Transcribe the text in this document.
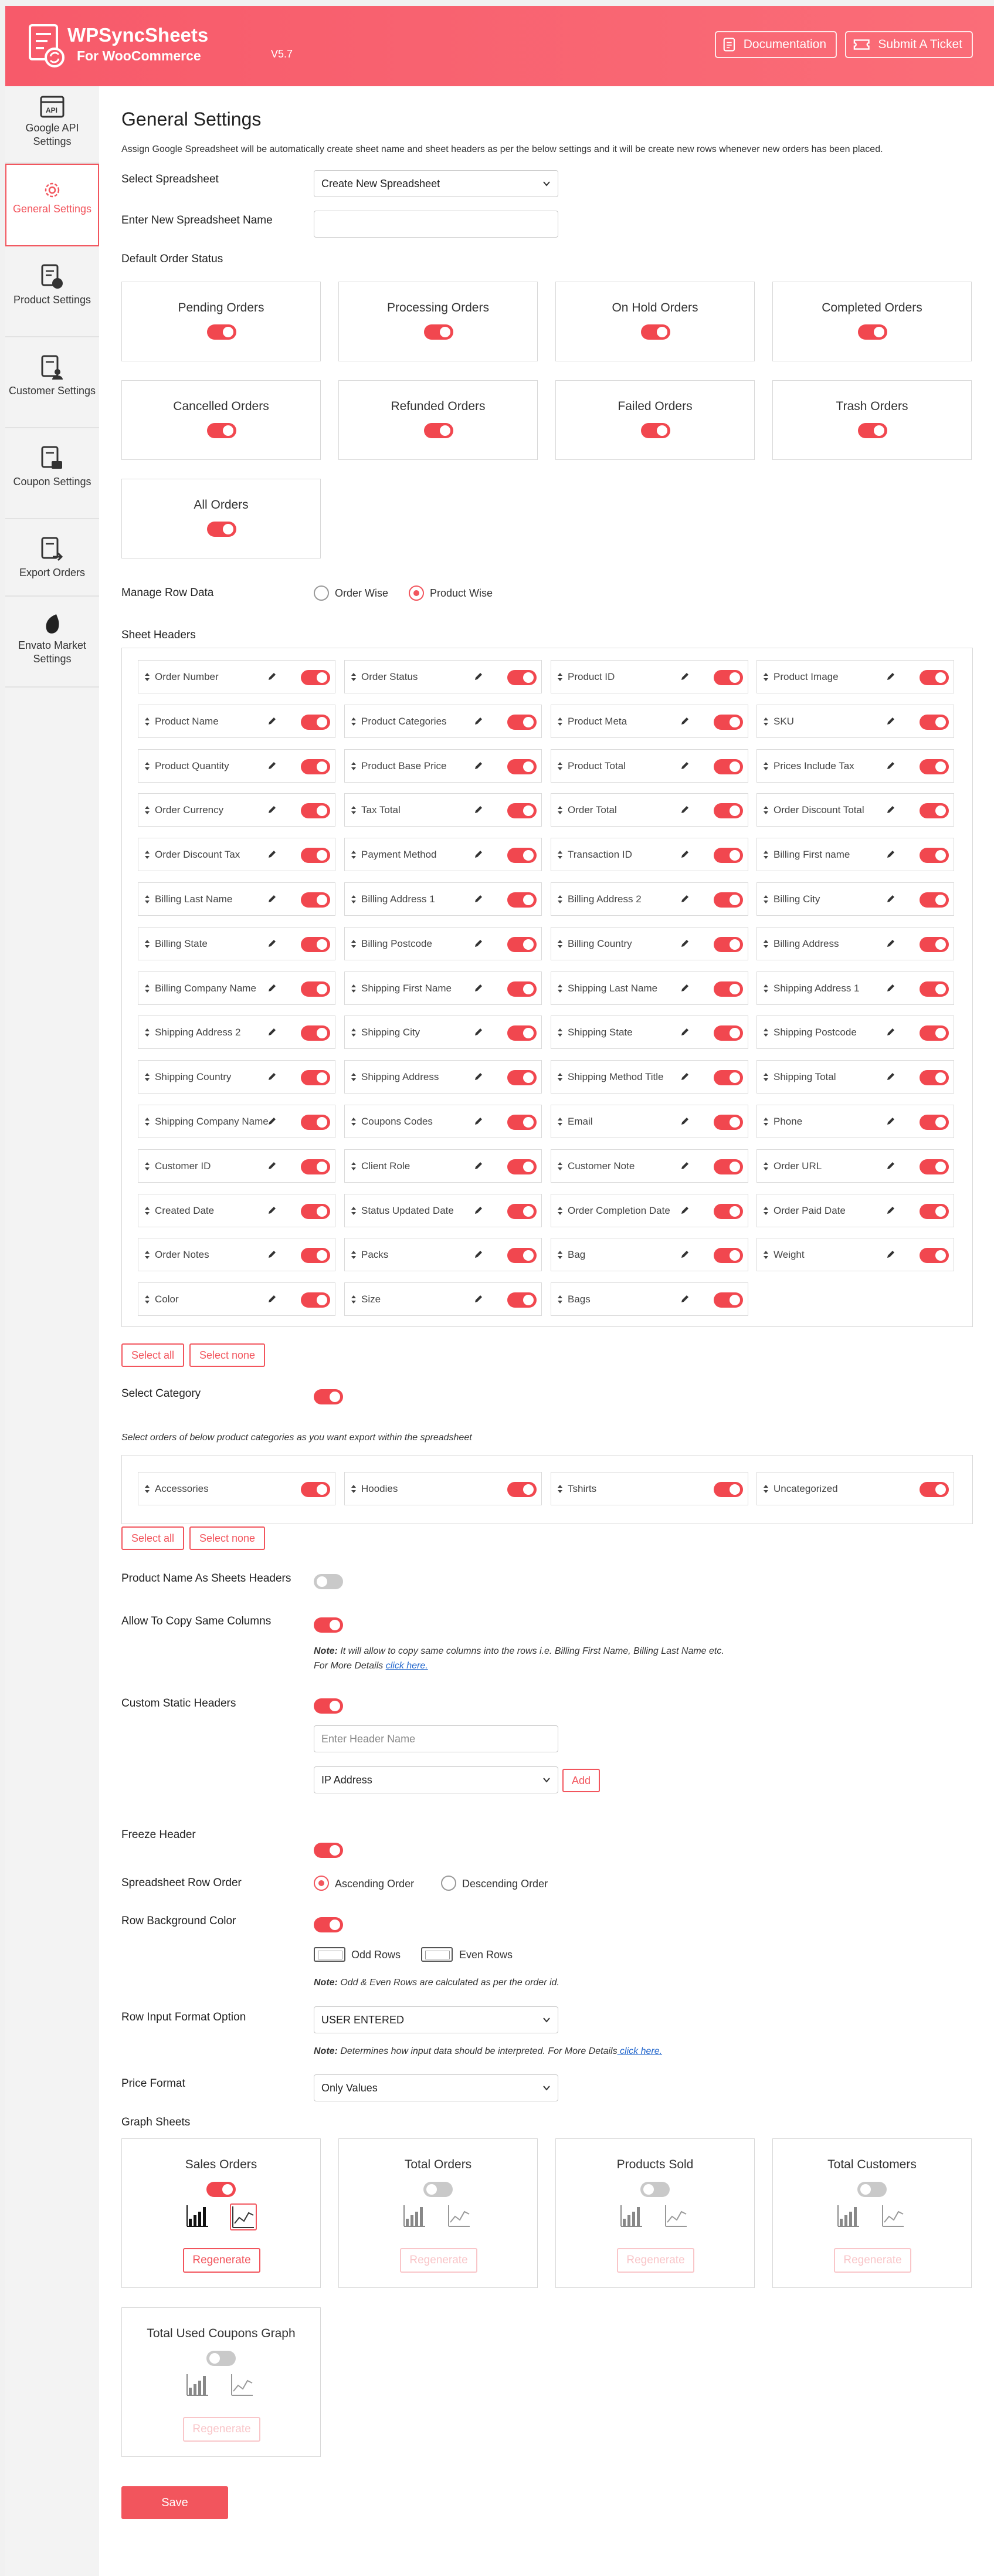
WPSyncSheets
V5.7
For WooCommerce
Documentation	Submit A Ticket
API
Google API Settings
General Settings
Product Settings
Customer Settings
Coupon Settings
Export Orders
Envato Market Settings
General Settings
Assign Google Spreadsheet will be automatically create sheet name and sheet headers as per the below settings and it will be create new rows whenever new orders has been placed.
Select Spreadsheet	Create New Spreadsheet
Enter New Spreadsheet Name
Default Order Status
Pending Orders	Processing Orders	On Hold Orders	Completed Orders
Cancelled Orders	Refunded Orders	Failed Orders	Trash Orders
All Orders
Manage Row Data	Order Wise	Product Wise
Sheet Headers
Order Number	Order Status	Product ID	Product Image
Product Name	Product Categories	Product Meta	SKU
Product Quantity	Product Base Price	Product Total	Prices Include Tax
Order Currency	Tax Total	Order Total	Order Discount Total
Order Discount Tax	Payment Method	Transaction ID	Billing First name
Billing Last Name	Billing Address 1	Billing Address 2	Billing City
Billing State	Billing Postcode	Billing Country	Billing Address
Billing Company Name	Shipping First Name	Shipping Last Name	Shipping Address 1
Shipping Address 2	Shipping City	Shipping State	Shipping Postcode
Shipping Country	Shipping Address	Shipping Method Title	Shipping Total
Shipping Company Name	Coupons Codes	Email	Phone
Customer ID	Client Role	Customer Note	Order URL
Created Date	Status Updated Date	Order Completion Date	Order Paid Date
Order Notes	Packs	Bag	Weight
Color	Size	Bags
Select all	Select none
Select Category
Select orders of below product categories as you want export within the spreadsheet
Accessories	Hoodies	Tshirts	Uncategorized
Select all	Select none
Product Name As Sheets Headers
Allow To Copy Same Columns
Note: It will allow to copy same columns into the rows i.e. Billing First Name, Billing Last Name etc.
For More Details click here.
Custom Static Headers
Enter Header Name
IP Address	Add
Freeze Header
Spreadsheet Row Order	Ascending Order	Descending Order
Row Background Color
Odd Rows	Even Rows
Note: Odd & Even Rows are calculated as per the order id.
Row Input Format Option	USER ENTERED
Note: Determines how input data should be interpreted. For More Details click here.
Price Format	Only Values
Graph Sheets
Sales Orders
Regenerate
Total Orders
Regenerate
Products Sold
Regenerate
Total Customers
Regenerate
Total Used Coupons Graph
Regenerate
Save
